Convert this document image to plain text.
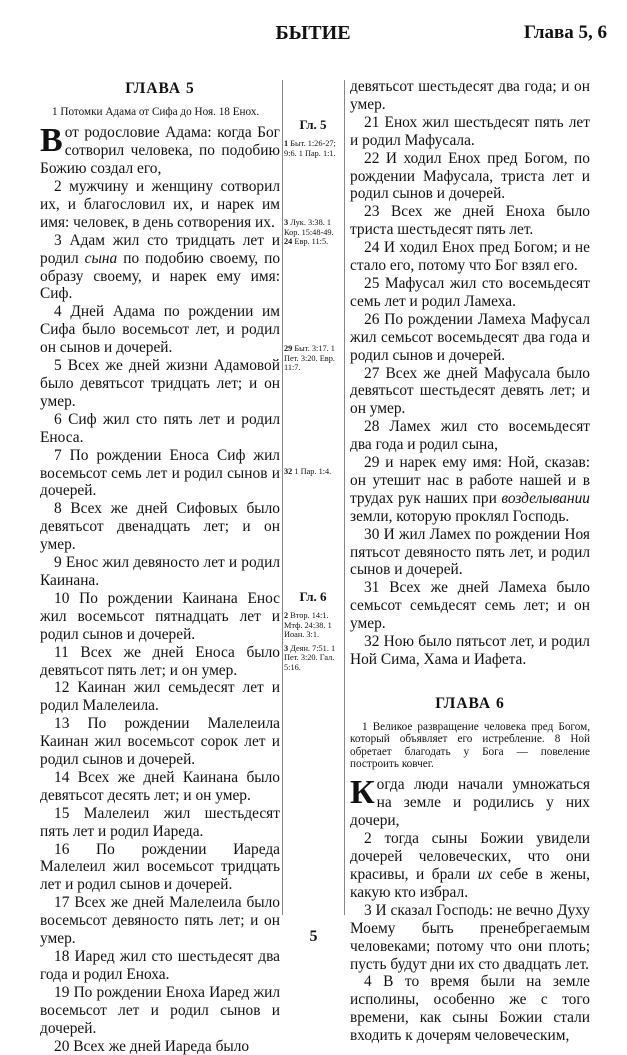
БЫТИЕ	Глава 5, 6

ГЛАВА 5

1 Потомки Адама от Сифа до Ноя. 18 Енох.

Вот родословие Адама: когда Бог сотворил человека, по подобию Божию создал его,

2 мужчину и женщину сотворил их, и благословил их, и нарек им имя: человек, в день сотворения их.

3 Адам жил сто тридцать лет и родил сына по подобию своему, по образу своему, и нарек ему имя: Сиф.

4 Дней Адама по рождении им Сифа было восемьсот лет, и родил он сынов и дочерей.

5 Всех же дней жизни Адамовой было девятьсот тридцать лет; и он умер.

6 Сиф жил сто пять лет и родил Еноса.

7 По рождении Еноса Сиф жил восемьсот семь лет и родил сынов и дочерей.

8 Всех же дней Сифовых было девятьсот двенадцать лет; и он умер.

9 Енос жил девяносто лет и родил Каинана.

10 По рождении Каинана Енос жил восемьсот пятнадцать лет и родил сынов и дочерей.

11 Всех же дней Еноса было девятьсот пять лет; и он умер.

12 Каинан жил семьдесят лет и родил Малелеила.

13 По рождении Малелеила Каинан жил восемьсот сорок лет и родил сынов и дочерей.

14 Всех же дней Каинана было девятьсот десять лет; и он умер.

15 Малелеил жил шестьдесят пять лет и родил Иареда.

16 По рождении Иареда Малелеил жил восемьсот тридцать лет и родил сынов и дочерей.

17 Всех же дней Малелеила было восемьсот девяносто пять лет; и он умер.

18 Иаред жил сто шестьдесят два года и родил Еноха.

19 По рождении Еноха Иаред жил восемьсот лет и родил сынов и дочерей.

20 Всех же дней Иареда было

Гл. 5

1 Быт. 1:26-27; 9:6. 1 Пар. 1:1.

3 Лук. 3:38. 1 Кор. 15:48-49.

24 Евр. 11:5.

29 Быт. 3:17. 1 Пет. 3:20. Евр. 11:7.

32 1 Пар. 1:4.

Гл. 6

2 Втор. 14:1. Мтф. 24:38. 1 Иоан. 3:1.

3 Деян. 7:51. 1 Пет. 3:20. Гал. 5:16.

девятьсот шестьдесят два года; и он умер.

21 Енох жил шестьдесят пять лет и родил Мафусала.

22 И ходил Енох пред Богом, по рождении Мафусала, триста лет и родил сынов и дочерей.

23 Всех же дней Еноха было триста шестьдесят пять лет.

24 И ходил Енох пред Богом; и не стало его, потому что Бог взял его.

25 Мафусал жил сто восемьдесят семь лет и родил Ламеха.

26 По рождении Ламеха Мафусал жил семьсот восемьдесят два года и родил сынов и дочерей.

27 Всех же дней Мафусала было девятьсот шестьдесят девять лет; и он умер.

28 Ламех жил сто восемьдесят два года и родил сына,

29 и нарек ему имя: Ной, сказав: он утешит нас в работе нашей и в трудах рук наших при возделывании земли, которую проклял Господь.

30 И жил Ламех по рождении Ноя пятьсот девяносто пять лет, и родил сынов и дочерей.

31 Всех же дней Ламеха было семьсот семьдесят семь лет; и он умер.

32 Ною было пятьсот лет, и родил Ной Сима, Хама и Иафета.

ГЛАВА 6

1 Великое развращение человека пред Богом, который объявляет его истребление. 8 Ной обретает благодать у Бога — повеление построить ковчег.

Когда люди начали умножаться на земле и родились у них дочери,

2 тогда сыны Божии увидели дочерей человеческих, что они красивы, и брали их себе в жены, какую кто избрал.

3 И сказал Господь: не вечно Духу Моему быть пренебрегаемым человеками; потому что они плоть; пусть будут дни их сто двадцать лет.

4 В то время были на земле исполины, особенно же с того времени, как сыны Божии стали входить к дочерям человеческим,

5
